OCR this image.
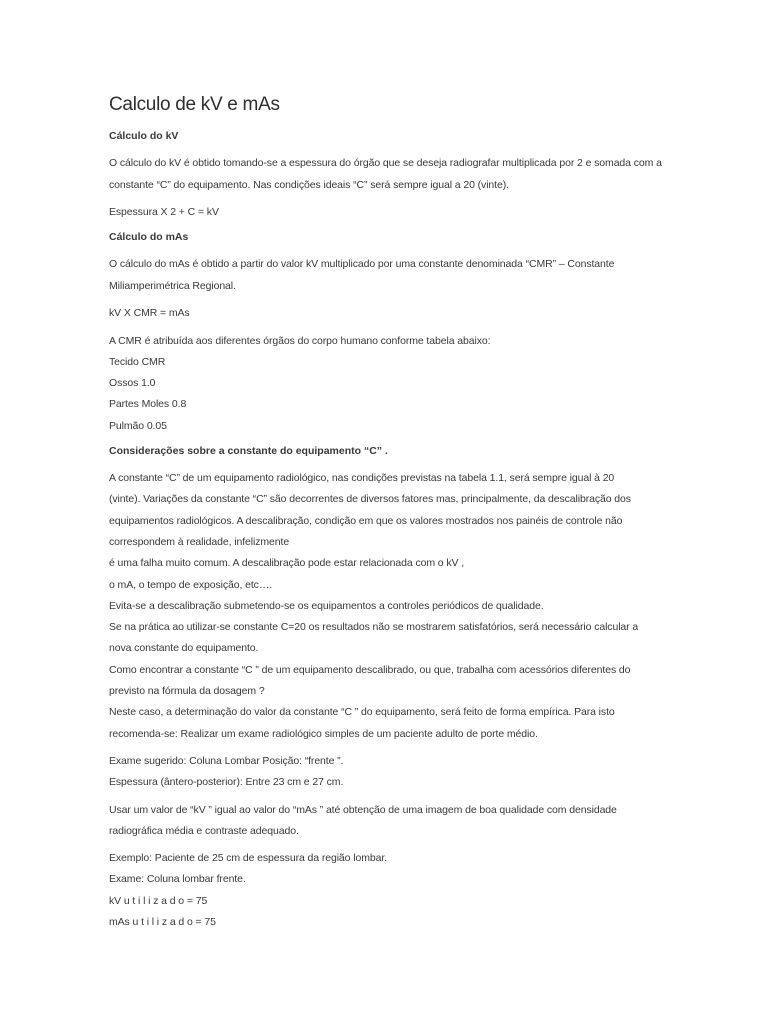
Calculo de kV e mAs

Cálculo do kV

O cálculo do kV é obtido tomando-se a espessura do órgão que se deseja radiografar multiplicada por 2 e somada com a constante “C” do equipamento. Nas condições ideais “C” será sempre igual a 20 (vinte).

Espessura X 2 + C = kV

Cálculo do mAs

O cálculo do mAs é obtido a partir do valor kV multiplicado por uma constante denominada “CMR” – Constante Miliamperimétrica Regional.

kV X CMR = mAs

A CMR é atribuída aos diferentes órgãos do corpo humano conforme tabela abaixo:

Tecido CMR

Ossos 1.0

Partes Moles 0.8

Pulmão 0.05

Considerações sobre a constante do equipamento “C” .

A constante “C” de um equipamento radiológico, nas condições previstas na tabela 1.1, será sempre igual à 20

(vinte). Variações da constante “C” são decorrentes de diversos fatores mas, principalmente, da descalibração dos

equipamentos radiológicos. A descalibração, condição em que os valores mostrados nos painéis de controle não

correspondem à realidade, infelizmente

é uma falha muito comum. A descalibração pode estar relacionada com o kV ,

o mA, o tempo de exposição, etc….

Evita-se a descalibração submetendo-se os equipamentos a controles periódicos de qualidade.

Se na prática ao utilizar-se constante C=20 os resultados não se mostrarem satisfatórios, será necessário calcular a

nova constante do equipamento.

Como encontrar a constante “C ” de um equipamento descalibrado, ou que, trabalha com acessórios diferentes do

previsto na fórmula da dosagem ?

Neste caso, a determinação do valor da constante “C ” do equipamento, será feito de forma empírica. Para isto

recomenda-se: Realizar um exame radiológico simples de um paciente adulto de porte médio.

Exame sugerido: Coluna Lombar Posição: “frente ”.

Espessura (ântero-posterior): Entre 23 cm e 27 cm.

Usar um valor de “kV ” igual ao valor do “mAs ” até obtenção de uma imagem de boa qualidade com densidade

radiográfica média e contraste adequado.

Exemplo: Paciente de 25 cm de espessura da região lombar.

Exame: Coluna lombar frente.

kV u t i l i z a d o = 75

mAs u t i l i z a d o = 75
